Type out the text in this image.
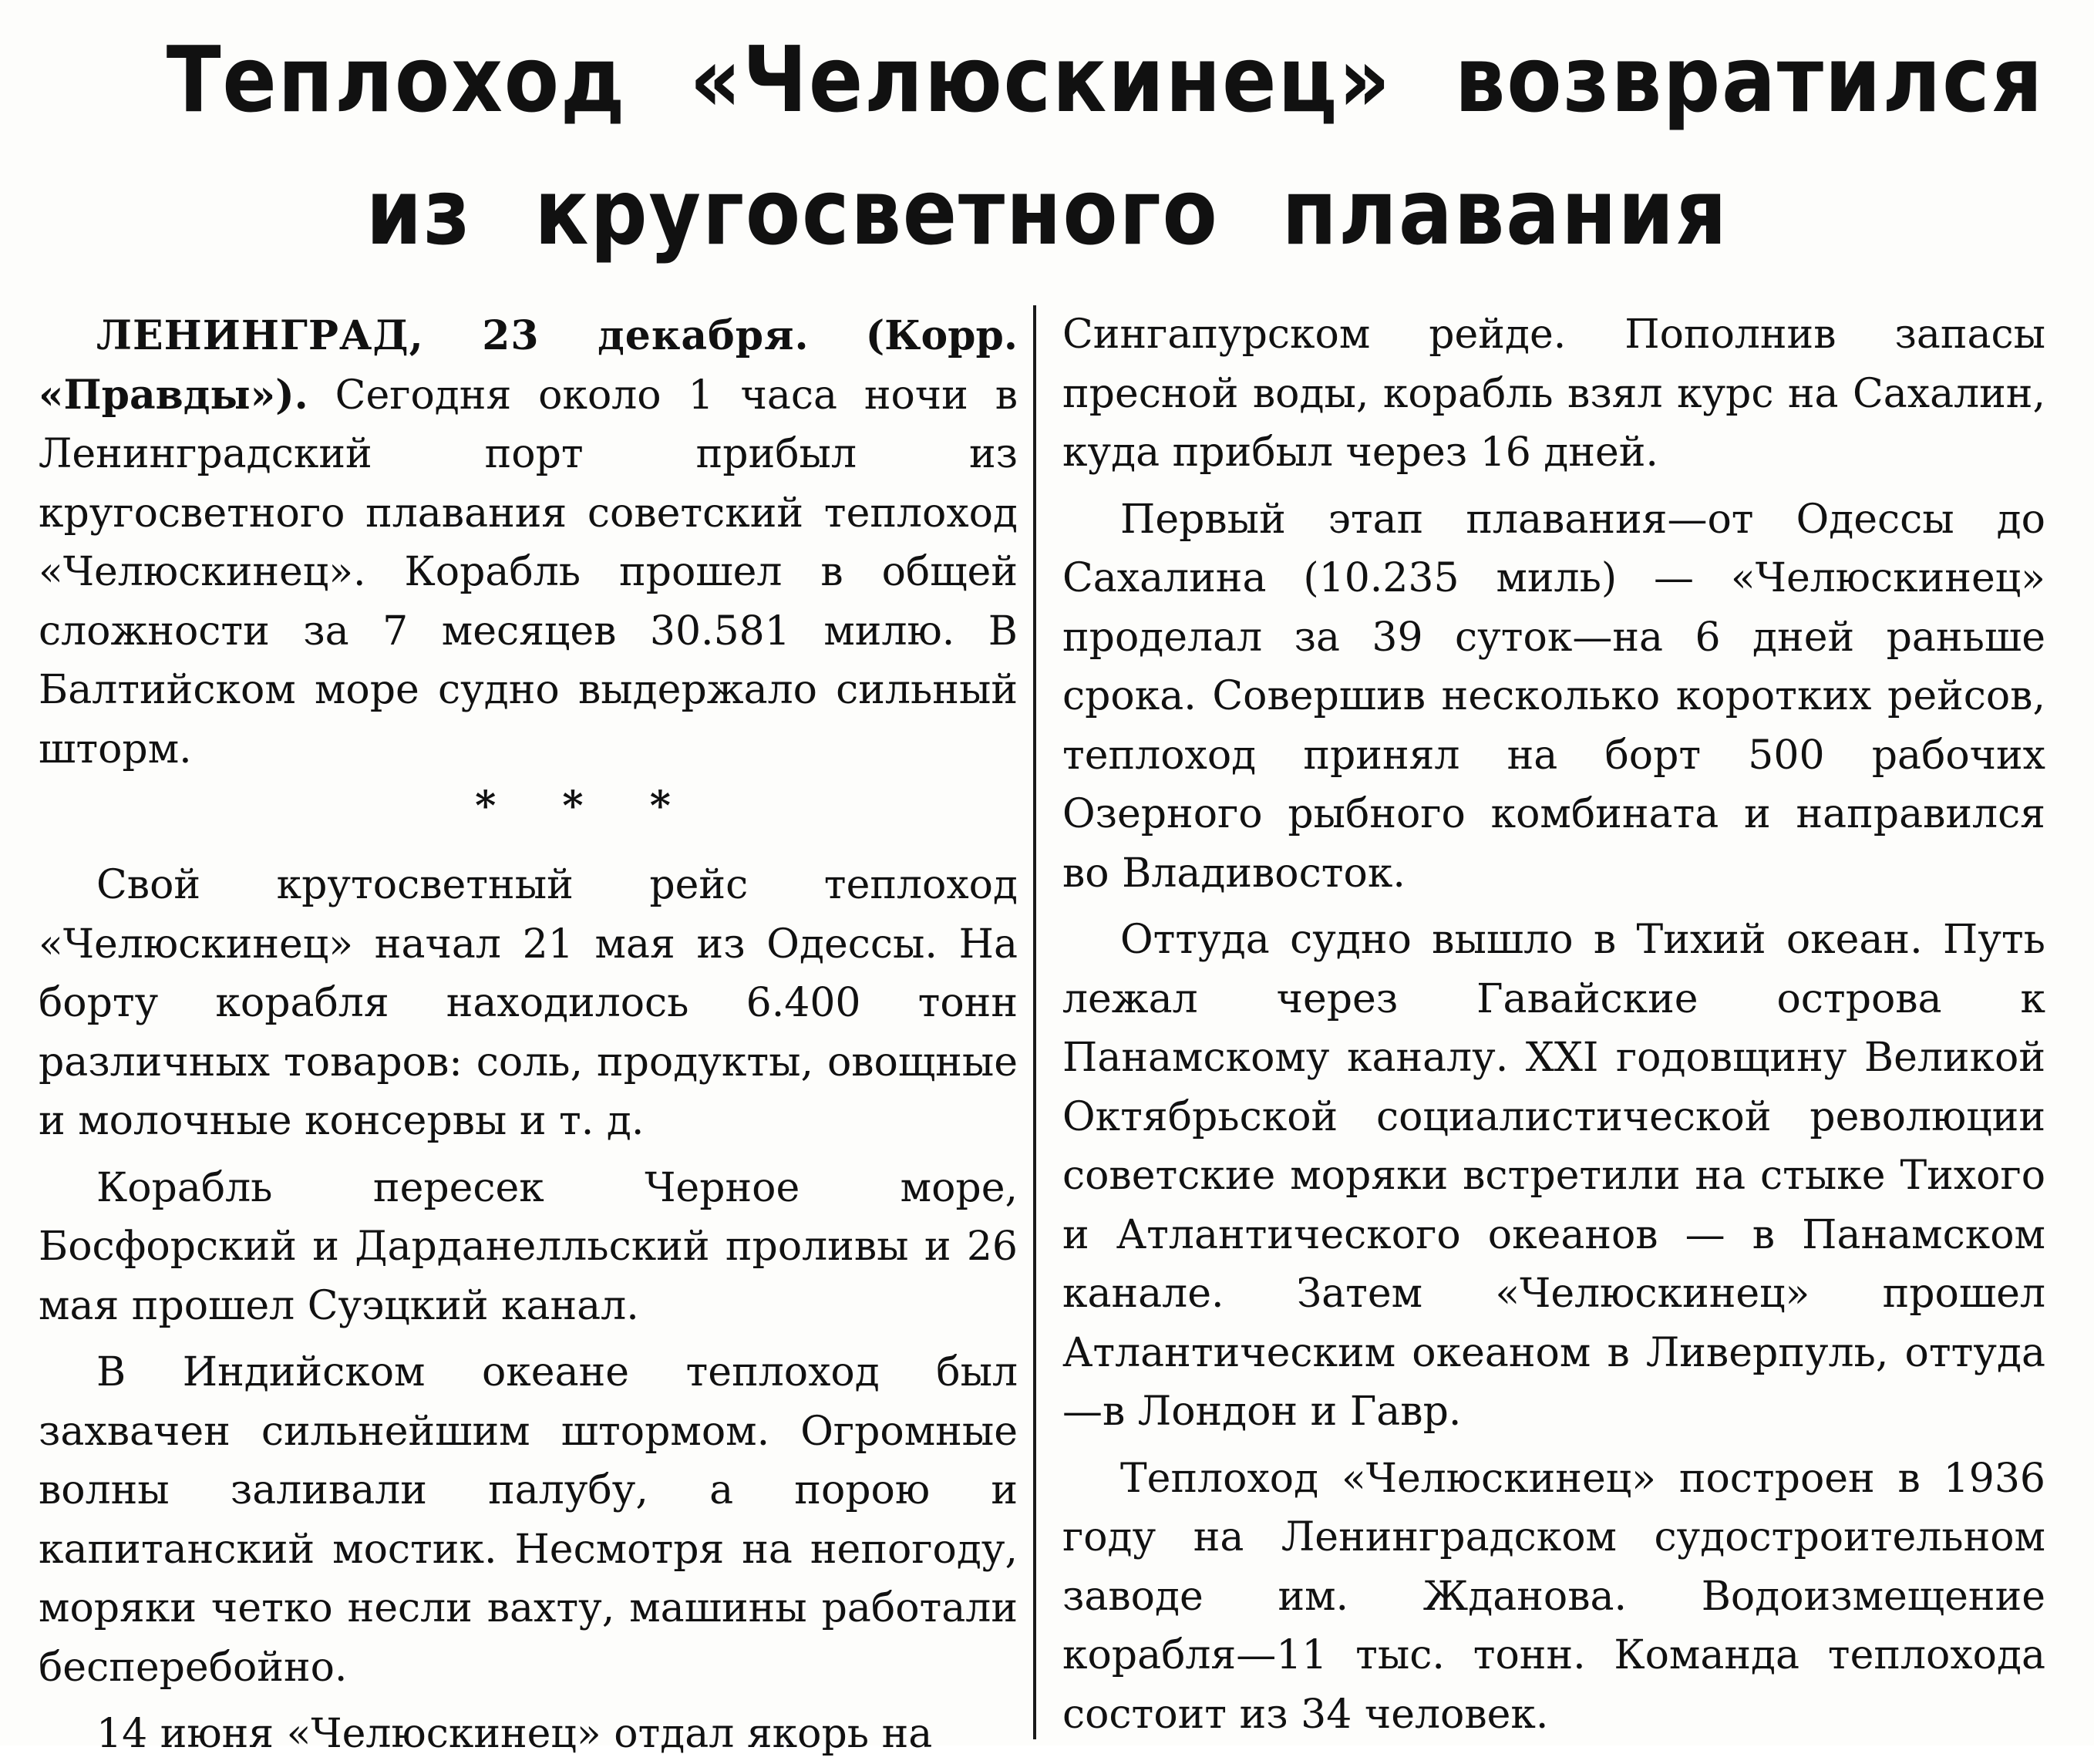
Теплоход «Челюскинец» возвратился
из кругосветного плавания

ЛЕНИНГРАД, 23 декабря. (Корр. «Правды»). Сегодня около 1 часа ночи в Ленинградский порт прибыл из кругосветного плавания советский теплоход «Челюскинец». Корабль прошел в общей сложности за 7 месяцев 30.581 милю. В Балтийском море судно выдержало сильный шторм.

* * *

Свой крутосветный рейс теплоход «Челюскинец» начал 21 мая из Одессы. На борту корабля находилось 6.400 тонн различных товаров: соль, продукты, овощные и молочные консервы и т. д.

Корабль пересек Черное море, Босфорский и Дарданелльский проливы и 26 мая прошел Суэцкий канал.

В Индийском океане теплоход был захвачен сильнейшим штормом. Огромные волны заливали палубу, а порою и капитанский мостик. Несмотря на непогоду, моряки четко несли вахту, машины работали бесперебойно.

14 июня «Челюскинец» отдал якорь на

Сингапурском рейде. Пополнив запасы пресной воды, корабль взял курс на Сахалин, куда прибыл через 16 дней.

Первый этап плавания—от Одессы до Сахалина (10.235 миль) — «Челюскинец» проделал за 39 суток—на 6 дней раньше срока. Совершив несколько коротких рейсов, теплоход принял на борт 500 рабочих Озерного рыбного комбината и направился во Владивосток.

Оттуда судно вышло в Тихий океан. Путь лежал через Гавайские острова к Панамскому каналу. XXI годовщину Великой Октябрьской социалистической революции советские моряки встретили на стыке Тихого и Атлантического океанов — в Панамском канале. Затем «Челюскинец» прошел Атлантическим океаном в Ливерпуль, оттуда—в Лондон и Гавр.

Теплоход «Челюскинец» построен в 1936 году на Ленинградском судостроительном заводе им. Жданова. Водоизмещение корабля—11 тыс. тонн. Команда теплохода состоит из 34 человек.
